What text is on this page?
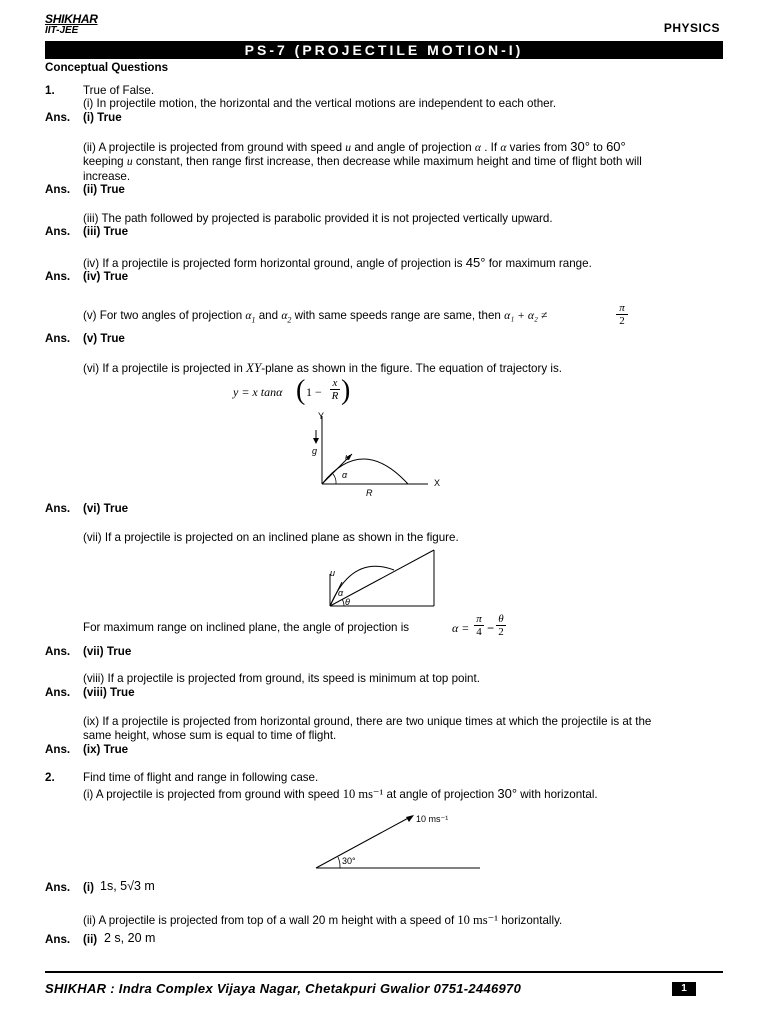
SHIKHAR
IIT-JEE	PHYSICS
PS-7 (PROJECTILE MOTION-I)
Conceptual Questions
1. True of False.
(i) In projectile motion, the horizontal and the vertical motions are independent to each other.
Ans. (i) True
(ii) A projectile is projected from ground with speed u and angle of projection α . If α varies from 30° to 60°
keeping u constant, then range first increase, then decrease while maximum height and time of flight both will
increase.
Ans. (ii) True
(iii) The path followed by projected is parabolic provided it is not projected vertically upward.
Ans. (iii) True
(iv) If a projectile is projected form horizontal ground, angle of projection is 45° for maximum range.
Ans. (iv) True
(v) For two angles of projection $\alpha_1$ and $\alpha_2$ with same speeds range are same, then α₁ + α₂ ≠
π
2
Ans. (v) True
(vi) If a projectile is projected in XY-plane as shown in the figure. The equation of trajectory is.
y = x tanα ( 1 −
x
R )
Y
g
u
α
X
R
Ans. (vi) True
(vii) If a projectile is projected on an inclined plane as shown in the figure.
u
α
θ
For maximum range on inclined plane, the angle of projection is	α =
π
4 −
θ
2
Ans. (vii) True
(viii) If a projectile is projected from ground, its speed is minimum at top point.
Ans. (viii) True
(ix) If a projectile is projected from horizontal ground, there are two unique times at which the projectile is at the
same height, whose sum is equal to time of flight.
Ans. (ix) True
2. Find time of flight and range in following case.
(i) A projectile is projected from ground with speed 10 ms⁻¹ at angle of projection 30° with horizontal.
10 ms⁻¹
30°
Ans. (i) 1s, 5√3 m
(ii) A projectile is projected from top of a wall 20 m height with a speed of 10 ms⁻¹ horizontally.
Ans. (ii) 2 s, 20 m
SHIKHAR : Indra Complex Vijaya Nagar, Chetakpuri Gwalior 0751-2446970	1
